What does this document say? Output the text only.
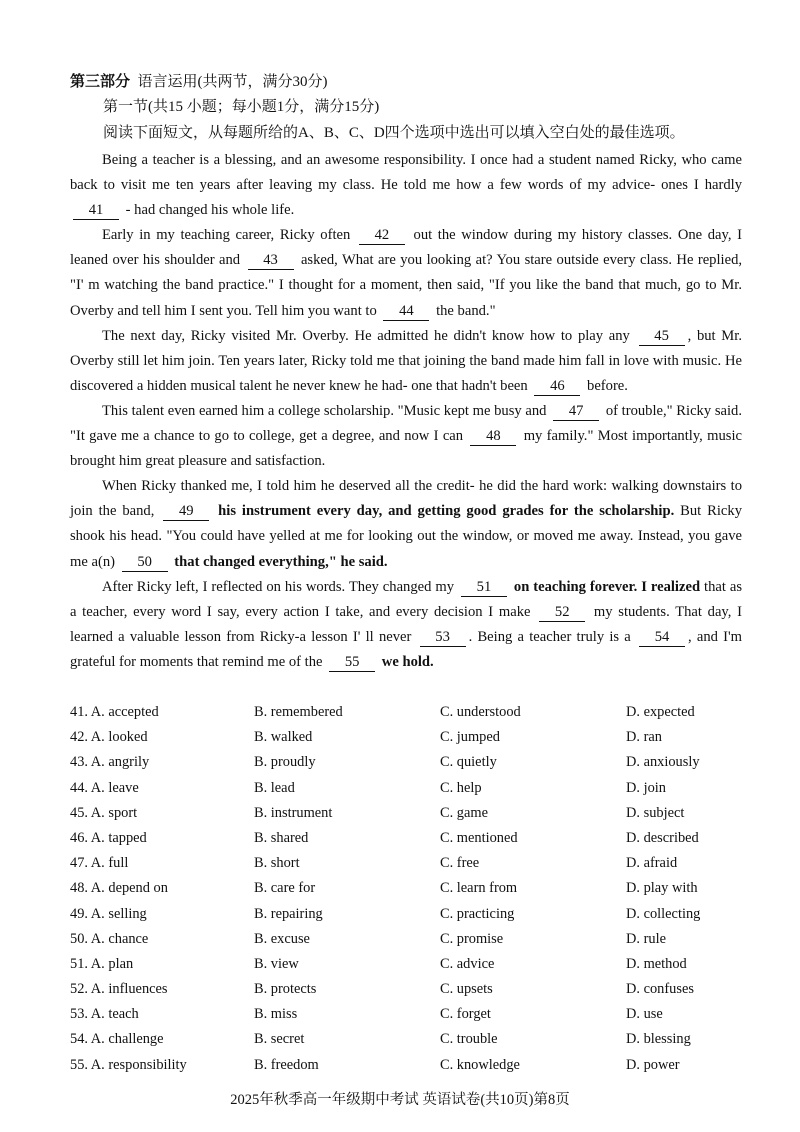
第三部分 语言运用(共两节，满分30分)
第一节(共15 小题；每小题1分，满分15分)
阅读下面短文，从每题所给的A、B、C、D四个选项中选出可以填入空白处的最佳选项。

Being a teacher is a blessing, and an awesome responsibility. I once had a student named Ricky, who came back to visit me ten years after leaving my class. He told me how a few words of my advice- ones I hardly 41 - had changed his whole life.

Early in my teaching career, Ricky often 42 out the window during my history classes. One day, I leaned over his shoulder and 43 asked, What are you looking at? You stare outside every class. He replied, "I' m watching the band practice." I thought for a moment, then said, "If you like the band that much, go to Mr. Overby and tell him I sent you. Tell him you want to 44 the band."

The next day, Ricky visited Mr. Overby. He admitted he didn't know how to play any 45 , but Mr. Overby still let him join. Ten years later, Ricky told me that joining the band made him fall in love with music. He discovered a hidden musical talent he never knew he had- one that hadn't been 46 before.

This talent even earned him a college scholarship. "Music kept me busy and 47 of trouble," Ricky said. "It gave me a chance to go to college, get a degree, and now I can 48 my family." Most importantly, music brought him great pleasure and satisfaction.

When Ricky thanked me, I told him he deserved all the credit- he did the hard work: walking downstairs to join the band, 49 his instrument every day, and getting good grades for the scholarship. But Ricky shook his head. "You could have yelled at me for looking out the window, or moved me away. Instead, you gave me a(n) 50 that changed everything," he said.

After Ricky left, I reflected on his words. They changed my 51 on teaching forever. I realized that as a teacher, every word I say, every action I take, and every decision I make 52 my students. That day, I learned a valuable lesson from Ricky-a lesson I' ll never 53 . Being a teacher truly is a 54 , and I'm grateful for moments that remind me of the 55 we hold.

41. A. accepted	B. remembered	C. understood	D. expected
42. A. looked	B. walked	C. jumped	D. ran
43. A. angrily	B. proudly	C. quietly	D. anxiously
44. A. leave	B. lead	C. help	D. join
45. A. sport	B. instrument	C. game	D. subject
46. A. tapped	B. shared	C. mentioned	D. described
47. A. full	B. short	C. free	D. afraid
48. A. depend on	B. care for	C. learn from	D. play with
49. A. selling	B. repairing	C. practicing	D. collecting
50. A. chance	B. excuse	C. promise	D. rule
51. A. plan	B. view	C. advice	D. method
52. A. influences	B. protects	C. upsets	D. confuses
53. A. teach	B. miss	C. forget	D. use
54. A. challenge	B. secret	C. trouble	D. blessing
55. A. responsibility	B. freedom	C. knowledge	D. power
2025年秋季高一年级期中考试 英语试卷(共10页)第8页
